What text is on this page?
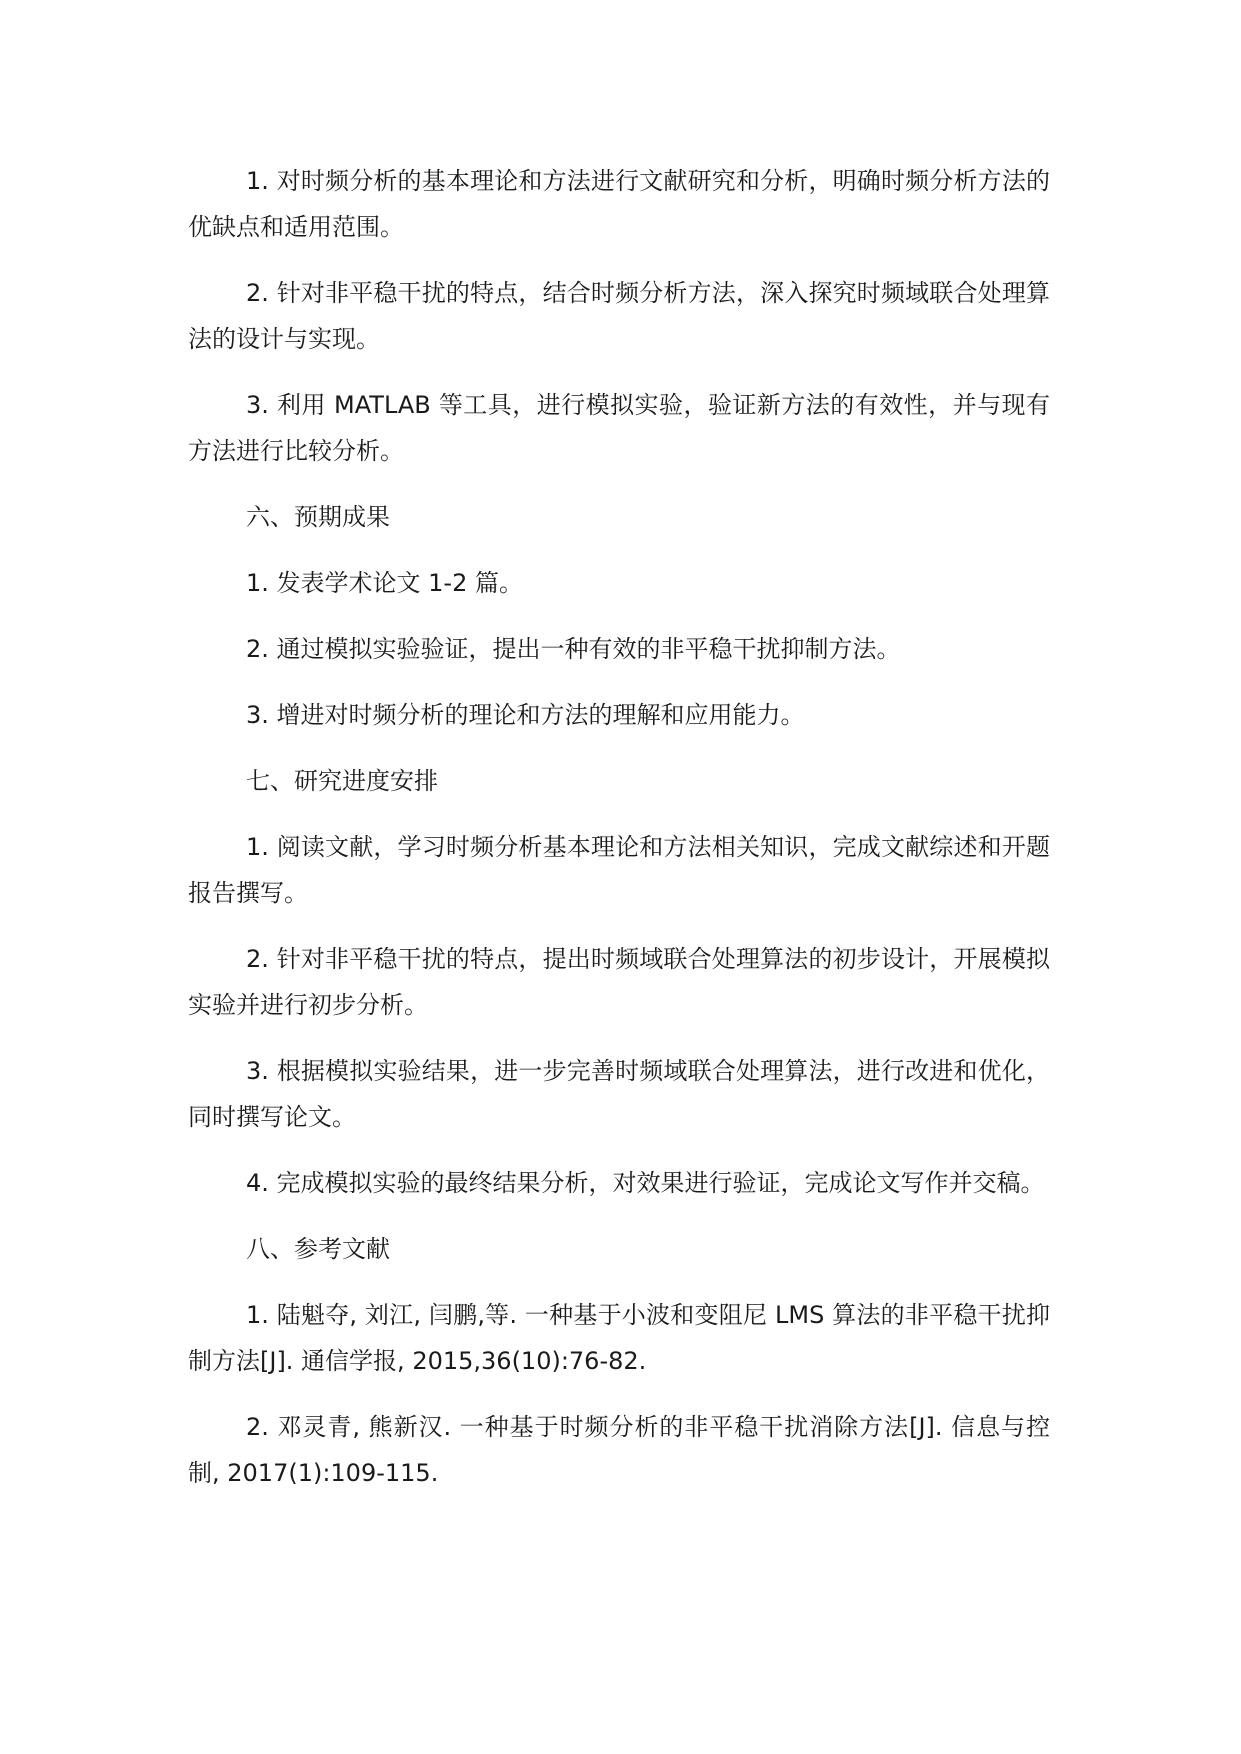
1. 对时频分析的基本理论和方法进行文献研究和分析，明确时频分析方法的优缺点和适用范围。

2. 针对非平稳干扰的特点，结合时频分析方法，深入探究时频域联合处理算法的设计与实现。

3. 利用 MATLAB 等工具，进行模拟实验，验证新方法的有效性，并与现有方法进行比较分析。

六、预期成果

1. 发表学术论文 1-2 篇。

2. 通过模拟实验验证，提出一种有效的非平稳干扰抑制方法。

3. 增进对时频分析的理论和方法的理解和应用能力。

七、研究进度安排

1. 阅读文献，学习时频分析基本理论和方法相关知识，完成文献综述和开题报告撰写。

2. 针对非平稳干扰的特点，提出时频域联合处理算法的初步设计，开展模拟实验并进行初步分析。

3. 根据模拟实验结果，进一步完善时频域联合处理算法，进行改进和优化，同时撰写论文。

4. 完成模拟实验的最终结果分析，对效果进行验证，完成论文写作并交稿。

八、参考文献

1. 陆魁夺, 刘江, 闫鹏,等. 一种基于小波和变阻尼 LMS 算法的非平稳干扰抑制方法[J]. 通信学报, 2015,36(10):76-82.

2. 邓灵青, 熊新汉. 一种基于时频分析的非平稳干扰消除方法[J]. 信息与控制, 2017(1):109-115.
